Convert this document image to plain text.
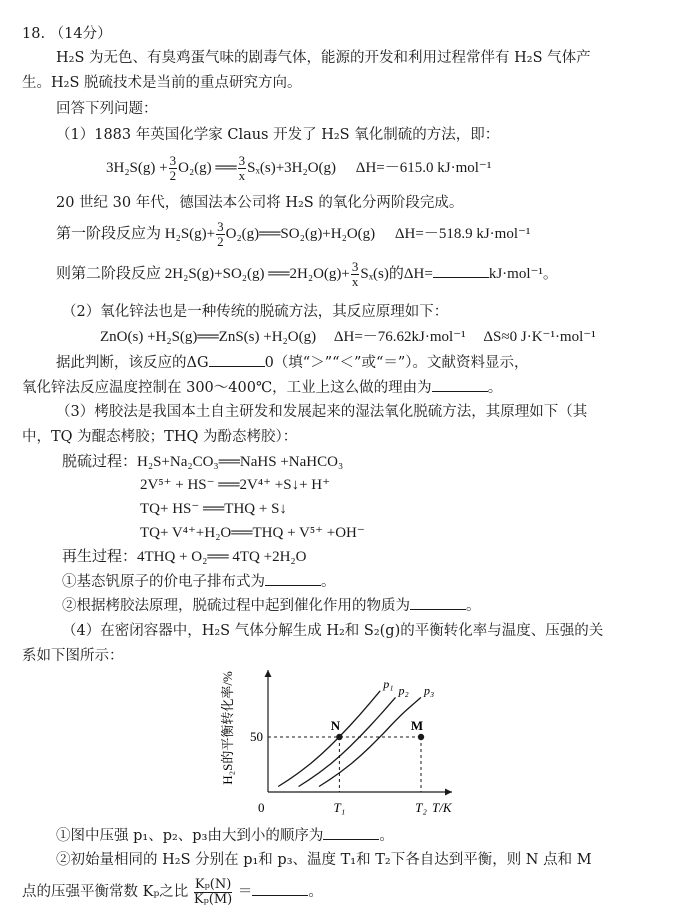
18. （14分）
H₂S 为无色、有臭鸡蛋气味的剧毒气体，能源的开发和利用过程常伴有 H₂S 气体产
生。H₂S 脱硫技术是当前的重点研究方向。
回答下列问题：
（1）1883 年英国化学家 Claus 开发了 H₂S 氧化制硫的方法，即：
$3H_2S(g) + \frac{3}{2} O_2(g)$ ══ $\frac{3}{x} S_x(s)+3H_2O(g)$ ΔH=－615.0 kJ·mol⁻¹
20 世纪 30 年代，德国法本公司将 H₂S 的氧化分两阶段完成。
第一阶段反应为 $H_2S(g)+ \frac{3}{2}$ O₂(g)══SO₂(g)+H₂O(g) ΔH=－518.9 kJ·mol⁻¹
则第二阶段反应 2H₂S(g)+SO₂(g) ══2H₂O(g)+ $\frac{3}{x} S_x(s)$的ΔH=	kJ·mol⁻¹。
（2）氧化锌法也是一种传统的脱硫方法，其反应原理如下：
ZnO(s) +H₂S(g)══ZnS(s) +H₂O(g) ΔH=－76.62kJ·mol⁻¹ ΔS≈0 J·K⁻¹·mol⁻¹
据此判断，该反应的ΔG	0（填“＞”“＜”或“＝”）。文献资料显示，
氧化锌法反应温度控制在 300～400℃，工业上这么做的理由为	。
（3）栲胶法是我国本土自主研发和发展起来的湿法氧化脱硫方法，其原理如下（其
中，TQ 为醌态栲胶；THQ 为酚态栲胶）：
脱硫过程：H₂S+Na₂CO₃══NaHS +NaHCO₃
2V⁵⁺ + HS⁻ ══2V⁴⁺ +S↓+ H⁺
TQ+ HS⁻ ══THQ + S↓
TQ+ V⁴⁺+H₂O══THQ + V⁵⁺ +OH⁻
再生过程：4THQ + O₂══ 4TQ +2H₂O
①基态钒原子的价电子排布式为	。
②根据栲胶法原理，脱硫过程中起到催化作用的物质为	。
（4）在密闭容器中，H₂S 气体分解生成 H₂和 S₂(g)的平衡转化率与温度、压强的关
系如下图所示：
H₂S的平衡转化率/%
T/K
0
p₁ p₂ p₃
50
N
T₁
M
T₂
①图中压强 p₁、p₂、p₃由大到小的顺序为	。
②初始量相同的 H₂S 分别在 p₁和 p₃、温度 T₁和 T₂下各自达到平衡，则 N 点和 M
点的压强平衡常数 Kₚ之比 $\frac{\text{Kₚ(N)}}{\text{Kₚ(M)}}$ ＝	。
